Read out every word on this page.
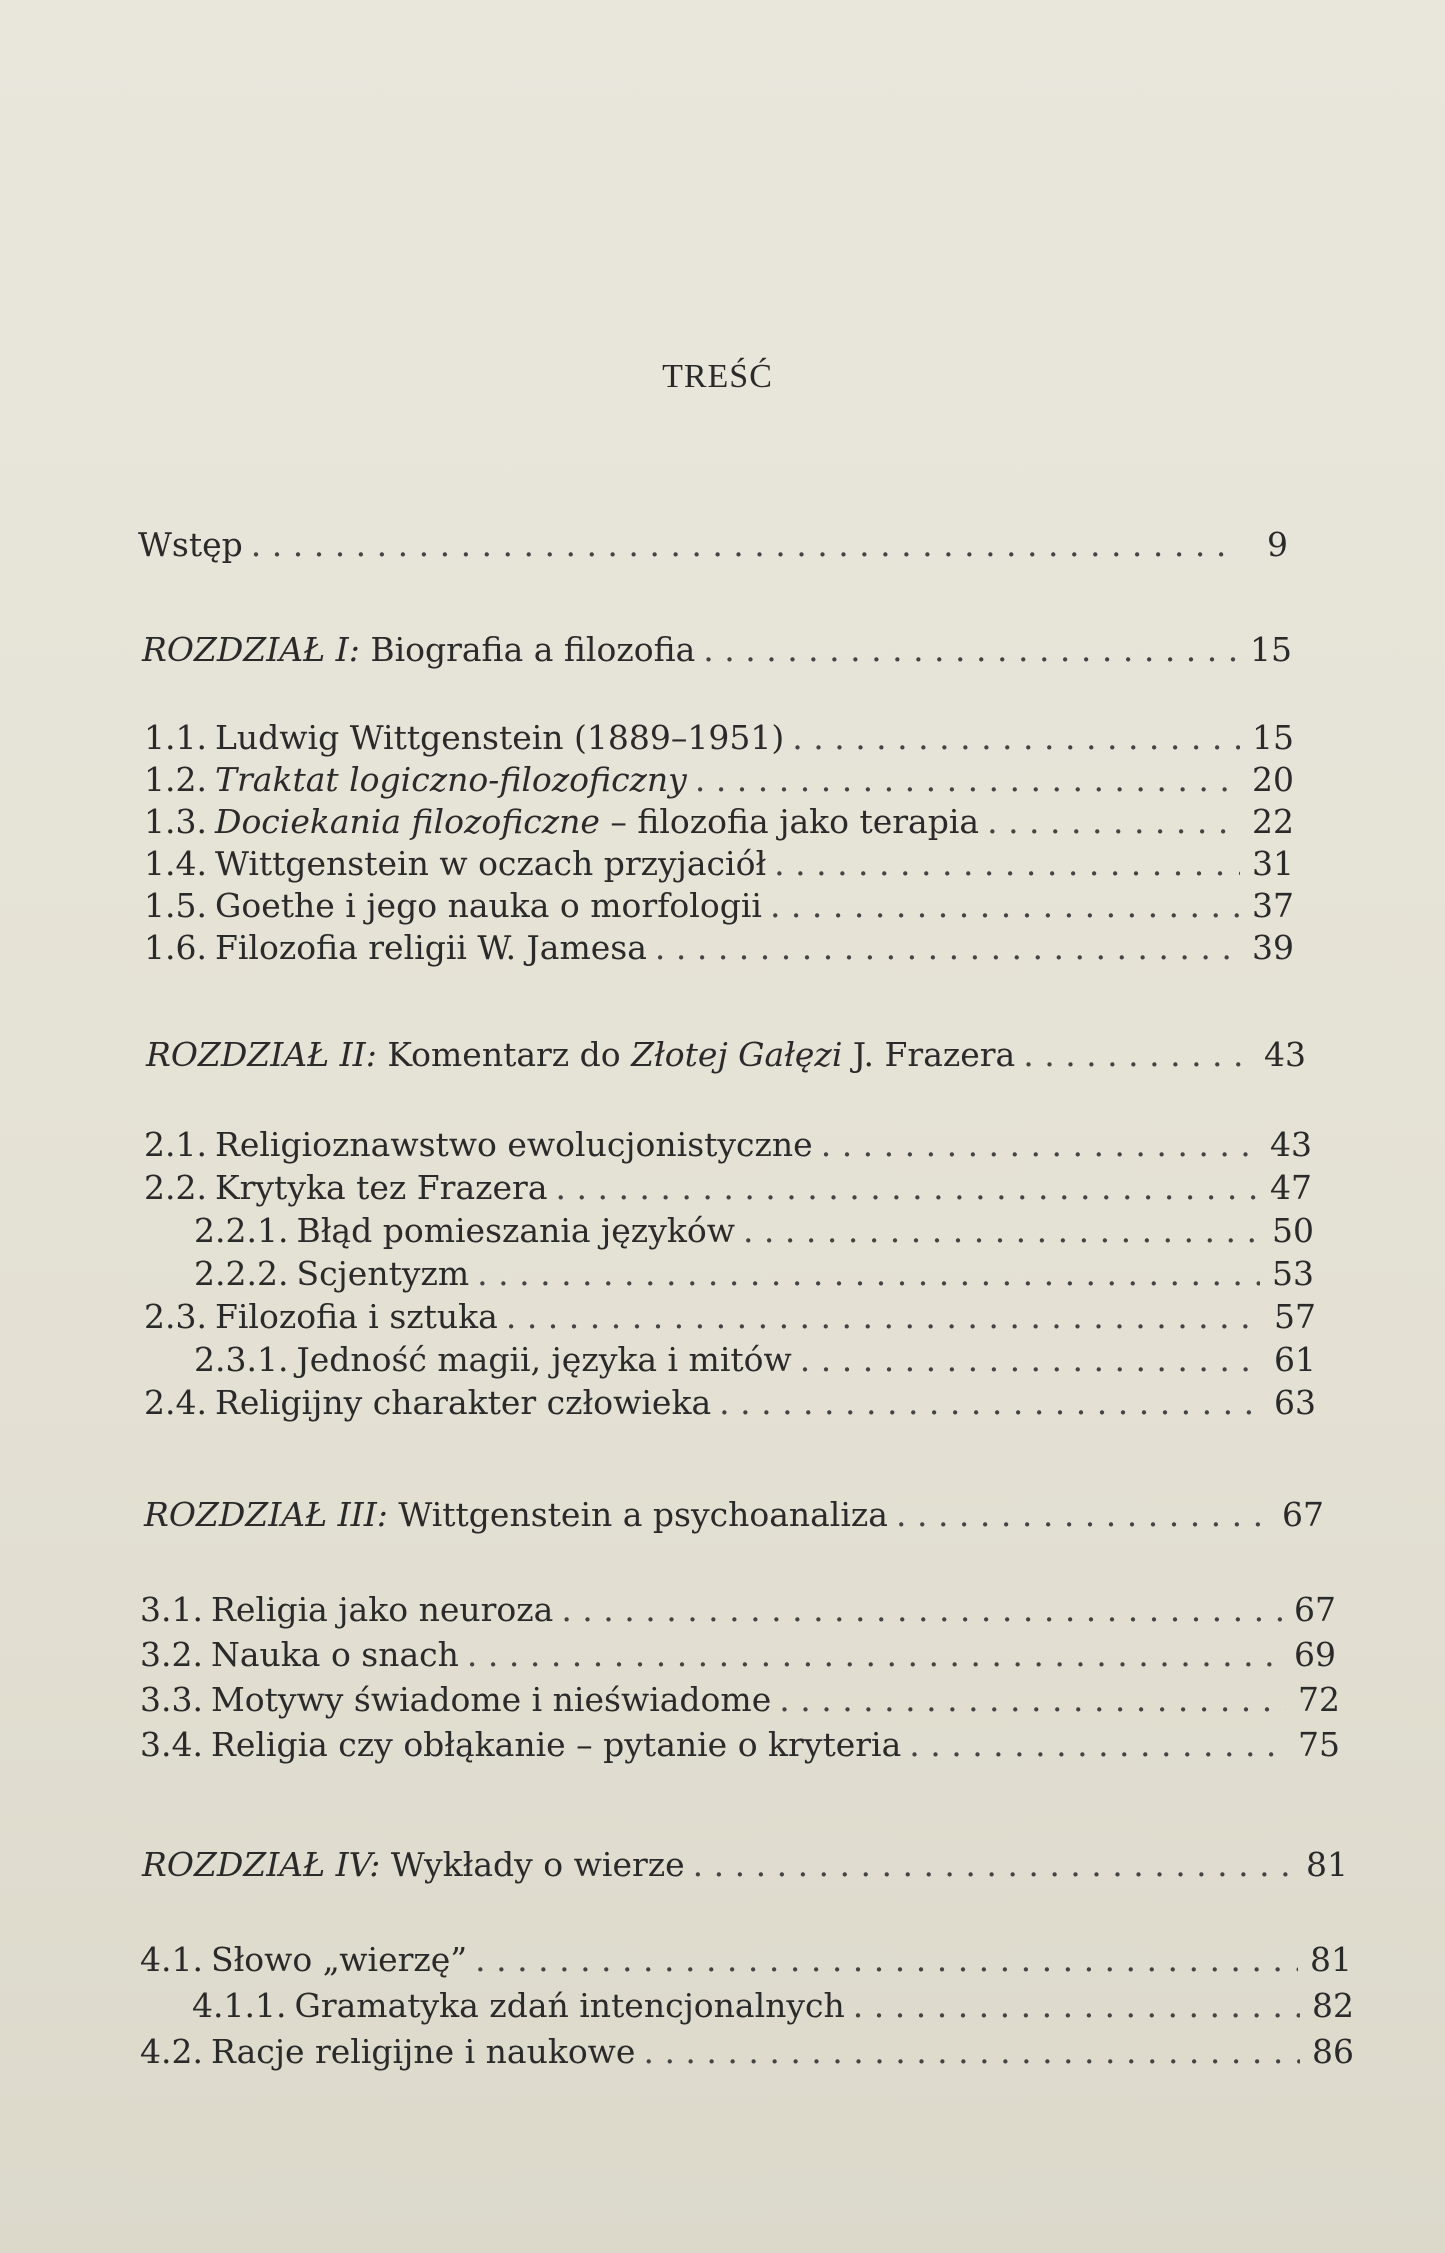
TREŚĆ
Wstęp . . .	9
ROZDZIAŁ I: Biografia a filozofia . . .	15
1.1. Ludwig Wittgenstein (1889–1951) . . .	15
1.2. Traktat logiczno-filozoficzny . . .	20
1.3. Dociekania filozoficzne – filozofia jako terapia . . .	22
1.4. Wittgenstein w oczach przyjaciół . . .	31
1.5. Goethe i jego nauka o morfologii . . .	37
1.6. Filozofia religii W. Jamesa . . .	39
ROZDZIAŁ II: Komentarz do Złotej Gałęzi J. Frazera . . .	43
2.1. Religioznawstwo ewolucjonistyczne . . .	43
2.2. Krytyka tez Frazera . . .	47
2.2.1. Błąd pomieszania języków . . .	50
2.2.2. Scjentyzm . . .	53
2.3. Filozofia i sztuka . . .	57
2.3.1. Jedność magii, języka i mitów . . .	61
2.4. Religijny charakter człowieka . . .	63
ROZDZIAŁ III: Wittgenstein a psychoanaliza . . .	67
3.1. Religia jako neuroza . . .	67
3.2. Nauka o snach . . .	69
3.3. Motywy świadome i nieświadome . . .	72
3.4. Religia czy obłąkanie – pytanie o kryteria . . .	75
ROZDZIAŁ IV: Wykłady o wierze . . .	81
4.1. Słowo „wierzę” . . .	81
4.1.1. Gramatyka zdań intencjonalnych . . .	82
4.2. Racje religijne i naukowe . . .	86
